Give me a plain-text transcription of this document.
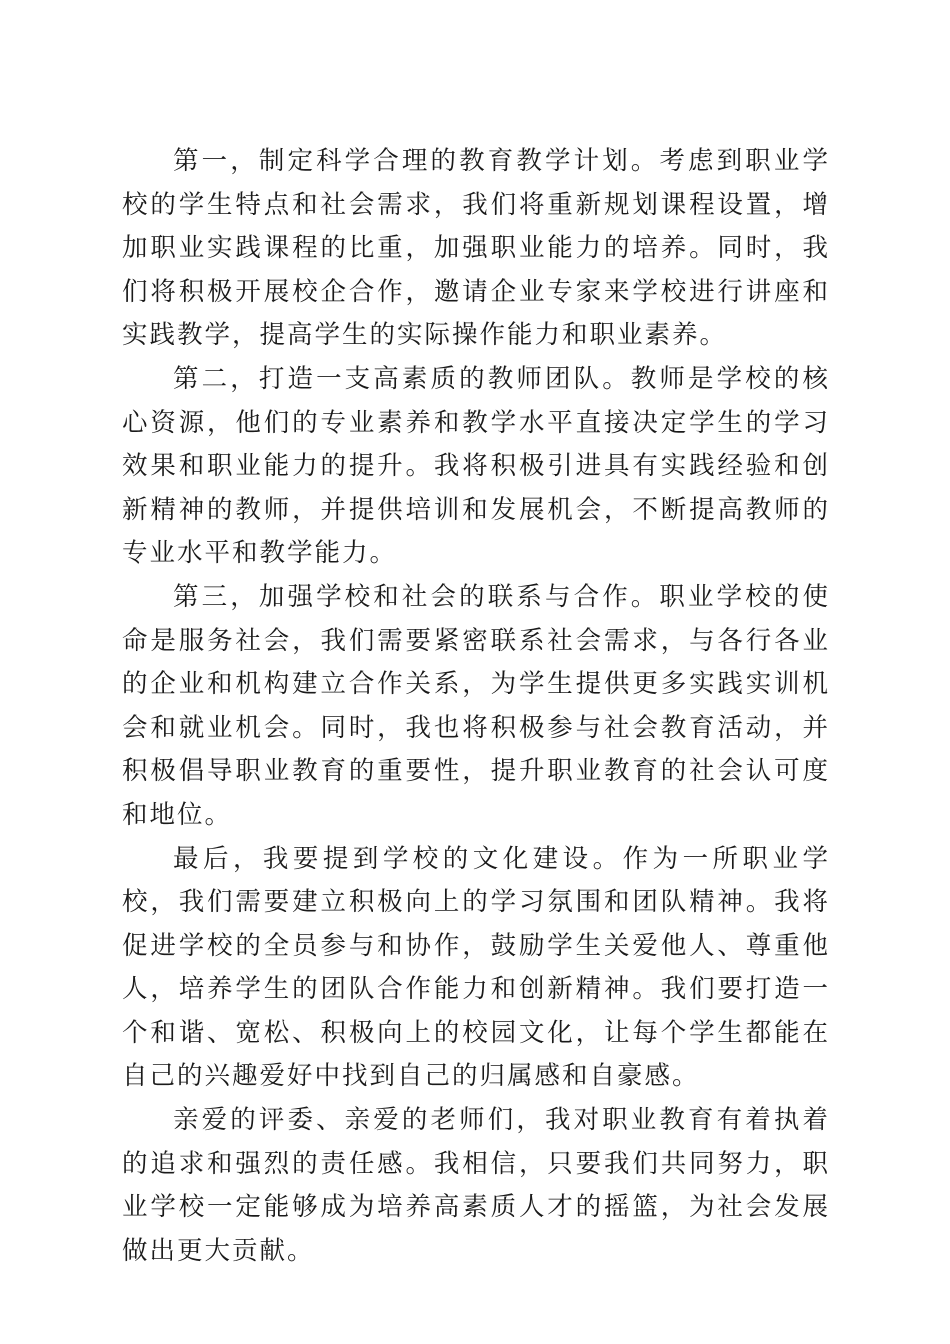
第一，制定科学合理的教育教学计划。考虑到职业学校的学生特点和社会需求，我们将重新规划课程设置，增加职业实践课程的比重，加强职业能力的培养。同时，我们将积极开展校企合作，邀请企业专家来学校进行讲座和实践教学，提高学生的实际操作能力和职业素养。

第二，打造一支高素质的教师团队。教师是学校的核心资源，他们的专业素养和教学水平直接决定学生的学习效果和职业能力的提升。我将积极引进具有实践经验和创新精神的教师，并提供培训和发展机会，不断提高教师的专业水平和教学能力。

第三，加强学校和社会的联系与合作。职业学校的使命是服务社会，我们需要紧密联系社会需求，与各行各业的企业和机构建立合作关系，为学生提供更多实践实训机会和就业机会。同时，我也将积极参与社会教育活动，并积极倡导职业教育的重要性，提升职业教育的社会认可度和地位。

最后，我要提到学校的文化建设。作为一所职业学校，我们需要建立积极向上的学习氛围和团队精神。我将促进学校的全员参与和协作，鼓励学生关爱他人、尊重他人，培养学生的团队合作能力和创新精神。我们要打造一个和谐、宽松、积极向上的校园文化，让每个学生都能在自己的兴趣爱好中找到自己的归属感和自豪感。

亲爱的评委、亲爱的老师们，我对职业教育有着执着的追求和强烈的责任感。我相信，只要我们共同努力，职业学校一定能够成为培养高素质人才的摇篮，为社会发展做出更大贡献。
